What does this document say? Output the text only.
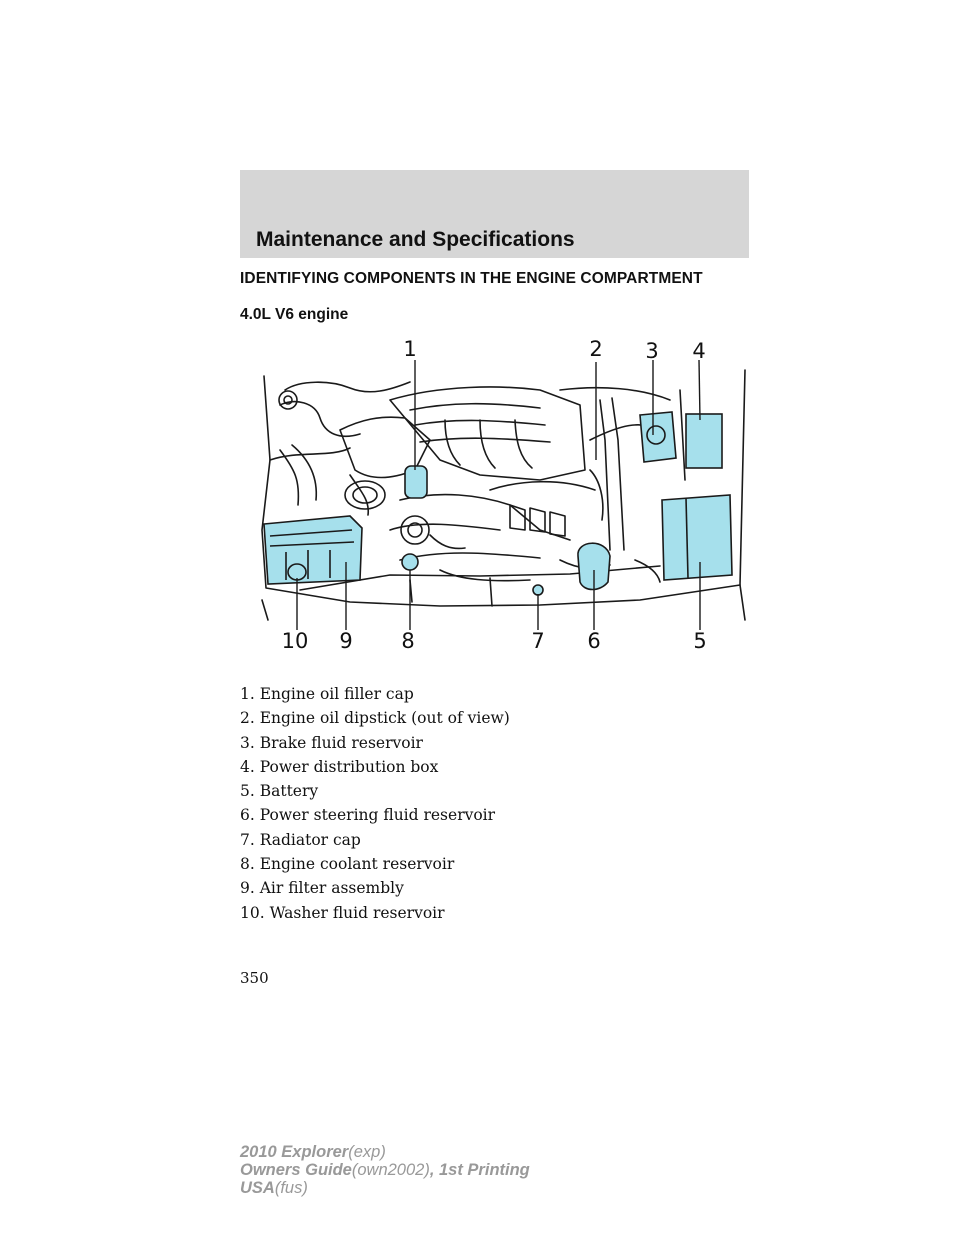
Maintenance and Specifications
IDENTIFYING COMPONENTS IN THE ENGINE COMPARTMENT
4.0L V6 engine
1	2 3 4
5
6
7
8
9
10
1. Engine oil filler cap
2. Engine oil dipstick (out of view)
3. Brake fluid reservoir
4. Power distribution box
5. Battery
6. Power steering fluid reservoir
7. Radiator cap
8. Engine coolant reservoir
9. Air filter assembly
10. Washer fluid reservoir
350
2010 Explorer(exp)
Owners Guide(own2002), 1st Printing
USA(fus)
